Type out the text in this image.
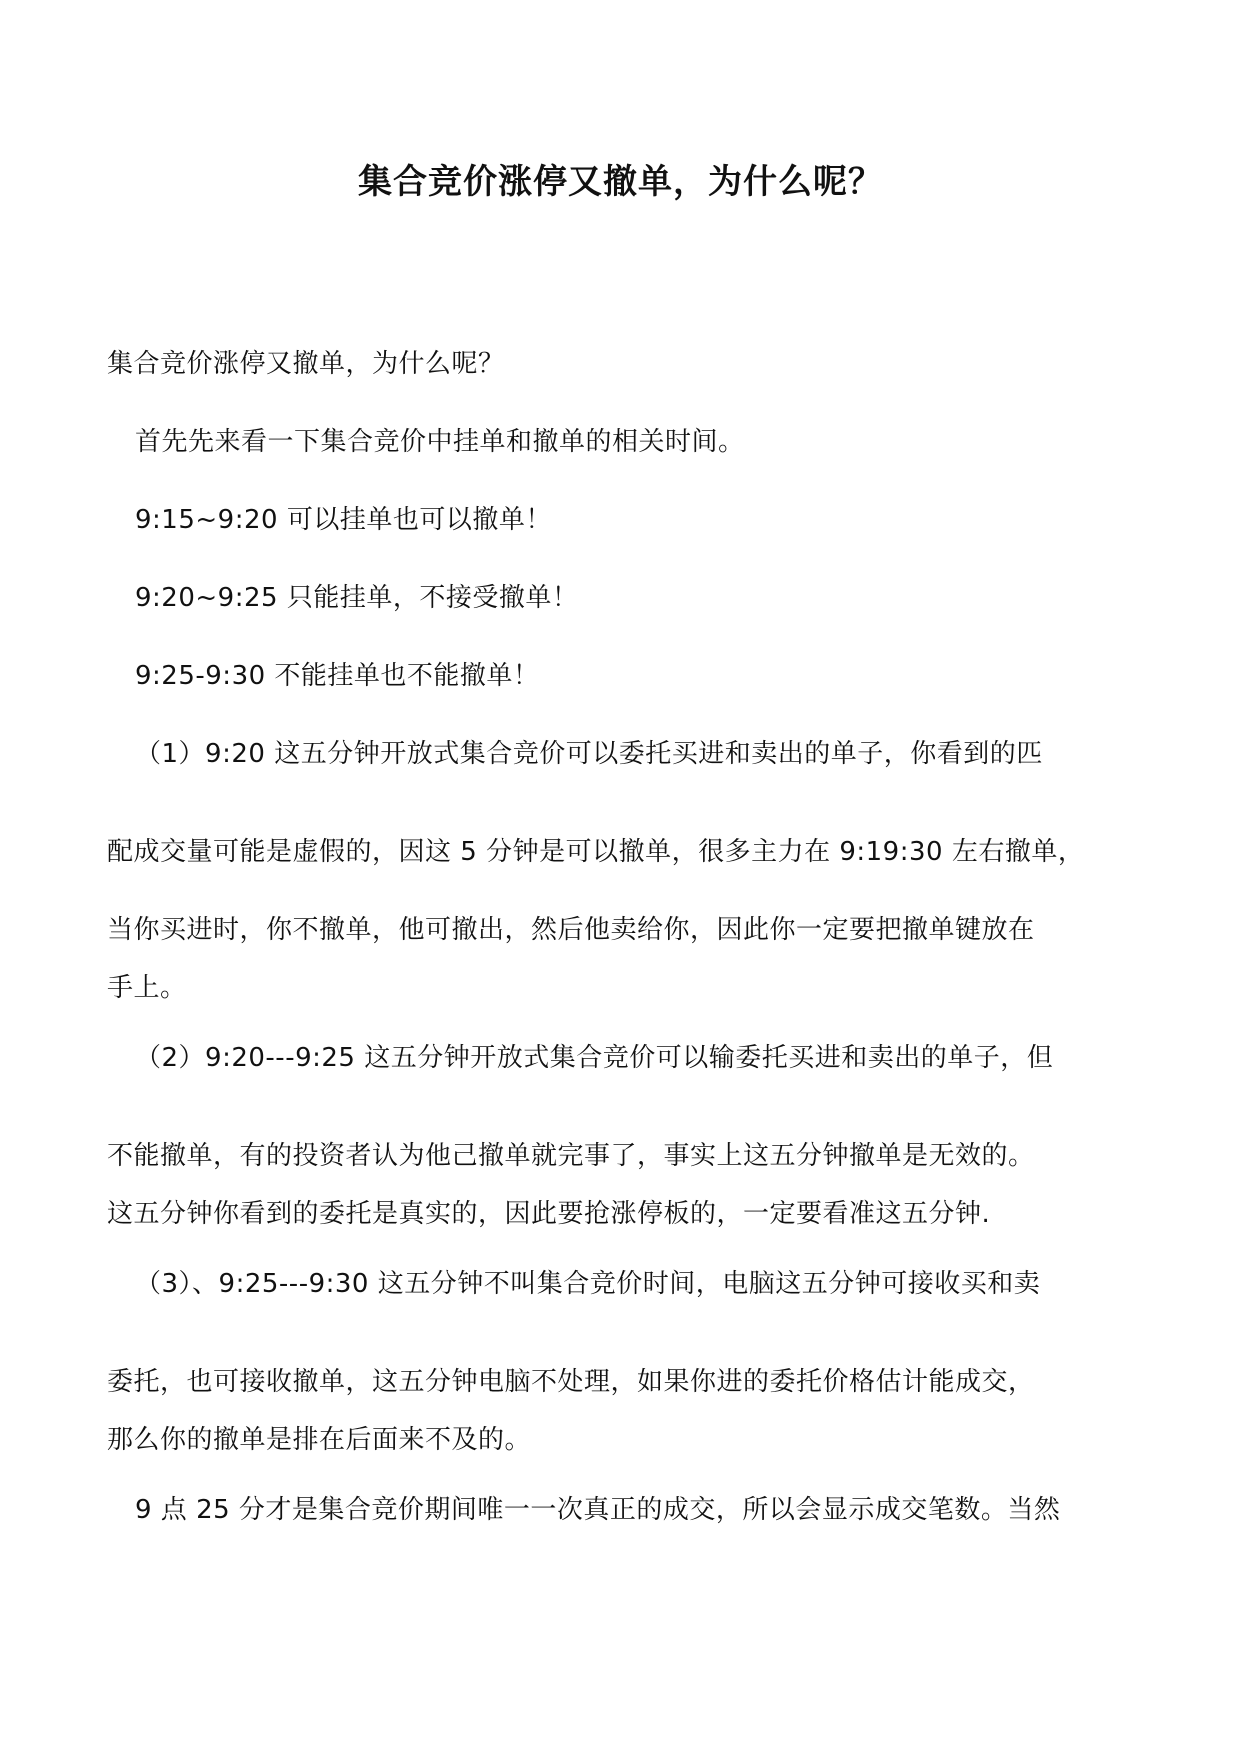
集合竞价涨停又撤单，为什么呢？

集合竞价涨停又撤单，为什么呢？

首先先来看一下集合竞价中挂单和撤单的相关时间。

9:15~9:20 可以挂单也可以撤单！

9:20~9:25 只能挂单，不接受撤单！

9:25-9:30 不能挂单也不能撤单！

（1）9:20 这五分钟开放式集合竞价可以委托买进和卖出的单子，你看到的匹
配成交量可能是虚假的，因这 5 分钟是可以撤单，很多主力在 9:19:30 左右撤单，
当你买进时，你不撤单，他可撤出，然后他卖给你，因此你一定要把撤单键放在
手上。
（2）9:20---9:25 这五分钟开放式集合竞价可以输委托买进和卖出的单子，但
不能撤单，有的投资者认为他己撤单就完事了，事实上这五分钟撤单是无效的。
这五分钟你看到的委托是真实的，因此要抢涨停板的，一定要看准这五分钟.
（3）、9:25---9:30 这五分钟不叫集合竞价时间，电脑这五分钟可接收买和卖
委托，也可接收撤单，这五分钟电脑不处理，如果你进的委托价格估计能成交，
那么你的撤单是排在后面来不及的。

9 点 25 分才是集合竞价期间唯一一次真正的成交，所以会显示成交笔数。当然
